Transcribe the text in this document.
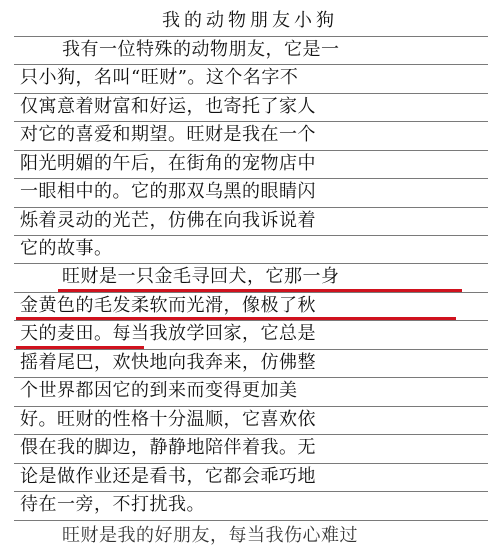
我的动物朋友小狗
我有一位特殊的动物朋友，它是一
只小狗，名叫“旺财”。这个名字不
仅寓意着财富和好运，也寄托了家人
对它的喜爱和期望。旺财是我在一个
阳光明媚的午后，在街角的宠物店中
一眼相中的。它的那双乌黑的眼睛闪
烁着灵动的光芒，仿佛在向我诉说着
它的故事。
旺财是一只金毛寻回犬，它那一身
金黄色的毛发柔软而光滑，像极了秋
天的麦田。每当我放学回家，它总是
摇着尾巴，欢快地向我奔来，仿佛整
个世界都因它的到来而变得更加美
好。旺财的性格十分温顺，它喜欢依
偎在我的脚边，静静地陪伴着我。无
论是做作业还是看书，它都会乖巧地
待在一旁，不打扰我。
旺财是我的好朋友，每当我伤心难过
